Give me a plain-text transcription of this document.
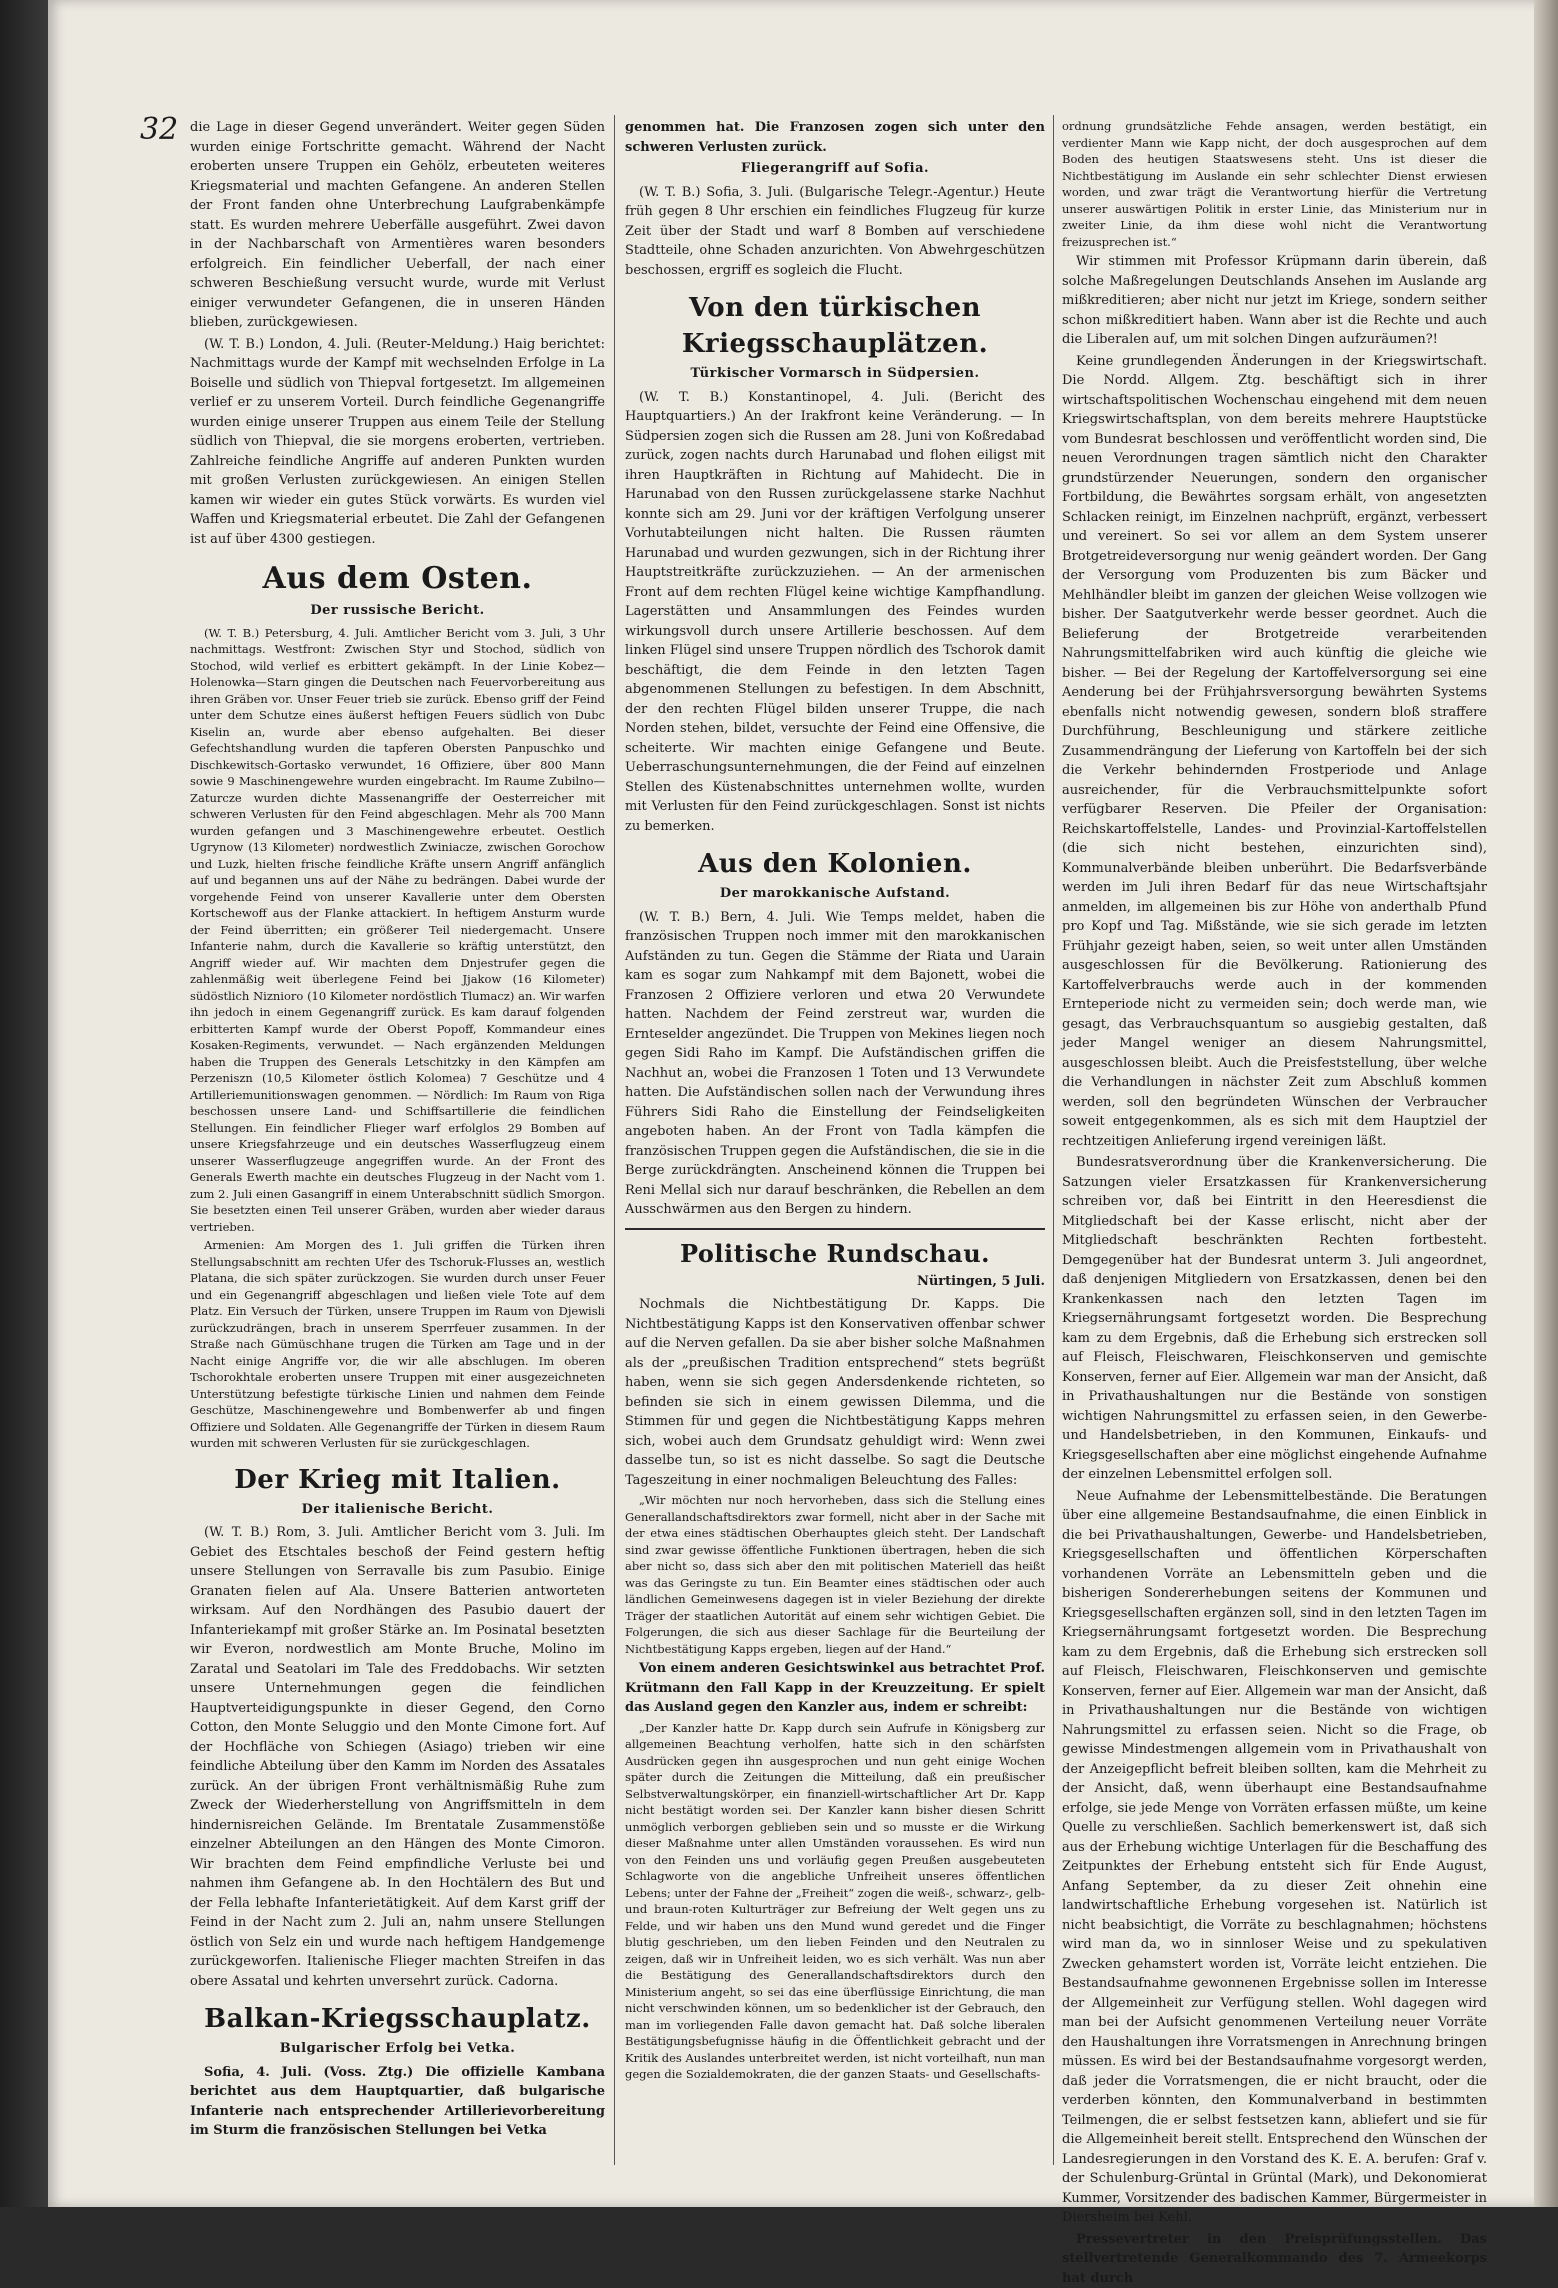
32 die Lage in dieser Gegend unverändert. Weiter gegen Süden wurden einige Fortschritte gemacht. Während der Nacht eroberten unsere Truppen ein Gehölz, erbeuteten weiteres Kriegsmaterial und machten Gefangene. An anderen Stellen der Front fanden ohne Unterbrechung Laufgrabenkämpfe statt. Es wurden mehrere Ueberfälle ausgeführt. Zwei davon in der Nachbarschaft von Armentières waren besonders erfolgreich. Ein feindlicher Ueberfall, der nach einer schweren Beschießung versucht wurde, wurde mit Verlust einiger verwundeter Gefangenen, die in unseren Händen blieben, zurückgewiesen.

(W. T. B.) London, 4. Juli. (Reuter-Meldung.) Haig berichtet: Nachmittags wurde der Kampf mit wechselnden Erfolge in La Boiselle und südlich von Thiepval fortgesetzt. Im allgemeinen verlief er zu unserem Vorteil. Durch feindliche Gegenangriffe wurden einige unserer Truppen aus einem Teile der Stellung südlich von Thiepval, die sie morgens eroberten, vertrieben. Zahlreiche feindliche Angriffe auf anderen Punkten wurden mit großen Verlusten zurückgewiesen. An einigen Stellen kamen wir wieder ein gutes Stück vorwärts. Es wurden viel Waffen und Kriegsmaterial erbeutet. Die Zahl der Gefangenen ist auf über 4300 gestiegen.

Aus dem Osten.
Der russische Bericht.

(W. T. B.) Petersburg, 4. Juli. Amtlicher Bericht vom 3. Juli, 3 Uhr nachmittags. Westfront: Zwischen Styr und Stochod, südlich von Stochod, wild verlief es erbittert gekämpft. In der Linie Kobez—Holenowka—Starn gingen die Deutschen nach Feuervorbereitung aus ihren Gräben vor. Unser Feuer trieb sie zurück. Ebenso griff der Feind unter dem Schutze eines äußerst heftigen Feuers südlich von Dubc Kiselin an, wurde aber ebenso aufgehalten. Bei dieser Gefechtshandlung wurden die tapferen Obersten Panpuschko und Dischkewitsch-Gortasko verwundet, 16 Offiziere, über 800 Mann sowie 9 Maschinengewehre wurden eingebracht. Im Raume Zubilno—Zaturcze wurden dichte Massenangriffe der Oesterreicher mit schweren Verlusten für den Feind abgeschlagen. Mehr als 700 Mann wurden gefangen und 3 Maschinengewehre erbeutet. Oestlich Ugrynow (13 Kilometer) nordwestlich Zwiniacze, zwischen Gorochow und Luzk, hielten frische feindliche Kräfte unsern Angriff anfänglich auf und begannen uns auf der Nähe zu bedrängen. Dabei wurde der vorgehende Feind von unserer Kavallerie unter dem Obersten Kortschewoff aus der Flanke attackiert. In heftigem Ansturm wurde der Feind überritten; ein größerer Teil niedergemacht. Unsere Infanterie nahm, durch die Kavallerie so kräftig unterstützt, den Angriff wieder auf. Wir machten dem Dnjestrufer gegen die zahlenmäßig weit überlegene Feind bei Jjakow (16 Kilometer) südöstlich Niznioro (10 Kilometer nordöstlich Tlumacz) an. Wir warfen ihn jedoch in einem Gegenangriff zurück. Es kam darauf folgenden erbitterten Kampf wurde der Oberst Popoff, Kommandeur eines Kosaken-Regiments, verwundet. — Nach ergänzenden Meldungen haben die Truppen des Generals Letschitzky in den Kämpfen am Perzeniszn (10,5 Kilometer östlich Kolomea) 7 Geschütze und 4 Artilleriemunitionswagen genommen. — Nördlich: Im Raum von Riga beschossen unsere Land- und Schiffsartillerie die feindlichen Stellungen. Ein feindlicher Flieger warf erfolglos 29 Bomben auf unsere Kriegsfahrzeuge und ein deutsches Wasserflugzeug einem unserer Wasserflugzeuge angegriffen wurde. An der Front des Generals Ewerth machte ein deutsches Flugzeug in der Nacht vom 1. zum 2. Juli einen Gasangriff in einem Unterabschnitt südlich Smorgon. Sie besetzten einen Teil unserer Gräben, wurden aber wieder daraus vertrieben.

Armenien: Am Morgen des 1. Juli griffen die Türken ihren Stellungsabschnitt am rechten Ufer des Tschoruk-Flusses an, westlich Platana, die sich später zurückzogen. Sie wurden durch unser Feuer und ein Gegenangriff abgeschlagen und ließen viele Tote auf dem Platz. Ein Versuch der Türken, unsere Truppen im Raum von Djewisli zurückzudrängen, brach in unserem Sperrfeuer zusammen. In der Straße nach Gümüschhane trugen die Türken am Tage und in der Nacht einige Angriffe vor, die wir alle abschlugen. Im oberen Tschorokhtale eroberten unsere Truppen mit einer ausgezeichneten Unterstützung befestigte türkische Linien und nahmen dem Feinde Geschütze, Maschinengewehre und Bombenwerfer ab und fingen Offiziere und Soldaten. Alle Gegenangriffe der Türken in diesem Raum wurden mit schweren Verlusten für sie zurückgeschlagen.

Der Krieg mit Italien.
Der italienische Bericht.

(W. T. B.) Rom, 3. Juli. Amtlicher Bericht vom 3. Juli. Im Gebiet des Etschtales beschoß der Feind gestern heftig unsere Stellungen von Serravalle bis zum Pasubio. Einige Granaten fielen auf Ala. Unsere Batterien antworteten wirksam. Auf den Nordhängen des Pasubio dauert der Infanteriekampf mit großer Stärke an. Im Posinatal besetzten wir Everon, nordwestlich am Monte Bruche, Molino im Zaratal und Seatolari im Tale des Freddobachs. Wir setzten unsere Unternehmungen gegen die feindlichen Hauptverteidigungspunkte in dieser Gegend, den Corno Cotton, den Monte Seluggio und den Monte Cimone fort. Auf der Hochfläche von Schiegen (Asiago) trieben wir eine feindliche Abteilung über den Kamm im Norden des Assatales zurück. An der übrigen Front verhältnismäßig Ruhe zum Zweck der Wiederherstellung von Angriffsmitteln in dem hindernisreichen Gelände. Im Brentatale Zusammenstöße einzelner Abteilungen an den Hängen des Monte Cimoron. Wir brachten dem Feind empfindliche Verluste bei und nahmen ihm Gefangene ab. In den Hochtälern des But und der Fella lebhafte Infanterietätigkeit. Auf dem Karst griff der Feind in der Nacht zum 2. Juli an, nahm unsere Stellungen östlich von Selz ein und wurde nach heftigem Handgemenge zurückgeworfen. Italienische Flieger machten Streifen in das obere Assatal und kehrten unversehrt zurück. Cadorna.

Balkan-Kriegsschauplatz.
Bulgarischer Erfolg bei Vetka.

Sofia, 4. Juli. (Voss. Ztg.) Die offizielle Kambana berichtet aus dem Hauptquartier, daß bulgarische Infanterie nach entsprechender Artillerievorbereitung im Sturm die französischen Stellungen bei Vetka

genommen hat. Die Franzosen zogen sich unter den schweren Verlusten zurück.

Fliegerangriff auf Sofia.

(W. T. B.) Sofia, 3. Juli. (Bulgarische Telegr.-Agentur.) Heute früh gegen 8 Uhr erschien ein feindliches Flugzeug für kurze Zeit über der Stadt und warf 8 Bomben auf verschiedene Stadtteile, ohne Schaden anzurichten. Von Abwehrgeschützen beschossen, ergriff es sogleich die Flucht.

Von den türkischen Kriegsschauplätzen.
Türkischer Vormarsch in Südpersien.

(W. T. B.) Konstantinopel, 4. Juli. (Bericht des Hauptquartiers.) An der Irakfront keine Veränderung. — In Südpersien zogen sich die Russen am 28. Juni von Koßredabad zurück, zogen nachts durch Harunabad und flohen eiligst mit ihren Hauptkräften in Richtung auf Mahidecht. Die in Harunabad von den Russen zurückgelassene starke Nachhut konnte sich am 29. Juni vor der kräftigen Verfolgung unserer Vorhutabteilungen nicht halten. Die Russen räumten Harunabad und wurden gezwungen, sich in der Richtung ihrer Hauptstreitkräfte zurückzuziehen. — An der armenischen Front auf dem rechten Flügel keine wichtige Kampfhandlung. Lagerstätten und Ansammlungen des Feindes wurden wirkungsvoll durch unsere Artillerie beschossen. Auf dem linken Flügel sind unsere Truppen nördlich des Tschorok damit beschäftigt, die dem Feinde in den letzten Tagen abgenommenen Stellungen zu befestigen. In dem Abschnitt, der den rechten Flügel bilden unserer Truppe, die nach Norden stehen, bildet, versuchte der Feind eine Offensive, die scheiterte. Wir machten einige Gefangene und Beute. Ueberraschungsunternehmungen, die der Feind auf einzelnen Stellen des Küstenabschnittes unternehmen wollte, wurden mit Verlusten für den Feind zurückgeschlagen. Sonst ist nichts zu bemerken.

Aus den Kolonien.
Der marokkanische Aufstand.

(W. T. B.) Bern, 4. Juli. Wie Temps meldet, haben die französischen Truppen noch immer mit den marokkanischen Aufständen zu tun. Gegen die Stämme der Riata und Uarain kam es sogar zum Nahkampf mit dem Bajonett, wobei die Franzosen 2 Offiziere verloren und etwa 20 Verwundete hatten. Nachdem der Feind zerstreut war, wurden die Ernteselder angezündet. Die Truppen von Mekines liegen noch gegen Sidi Raho im Kampf. Die Aufständischen griffen die Nachhut an, wobei die Franzosen 1 Toten und 13 Verwundete hatten. Die Aufständischen sollen nach der Verwundung ihres Führers Sidi Raho die Einstellung der Feindseligkeiten angeboten haben. An der Front von Tadla kämpfen die französischen Truppen gegen die Aufständischen, die sie in die Berge zurückdrängten. Anscheinend können die Truppen bei Reni Mellal sich nur darauf beschränken, die Rebellen an dem Ausschwärmen aus den Bergen zu hindern.

Politische Rundschau.
Nürtingen, 5 Juli.

Nochmals die Nichtbestätigung Dr. Kapps. Die Nichtbestätigung Kapps ist den Konservativen offenbar schwer auf die Nerven gefallen. Da sie aber bisher solche Maßnahmen als der „preußischen Tradition entsprechend“ stets begrüßt haben, wenn sie sich gegen Andersdenkende richteten, so befinden sie sich in einem gewissen Dilemma, und die Stimmen für und gegen die Nichtbestätigung Kapps mehren sich, wobei auch dem Grundsatz gehuldigt wird: Wenn zwei dasselbe tun, so ist es nicht dasselbe. So sagt die Deutsche Tageszeitung in einer nochmaligen Beleuchtung des Falles:

„Wir möchten nur noch hervorheben, dass sich die Stellung eines Generallandschaftsdirektors zwar formell, nicht aber in der Sache mit der etwa eines städtischen Oberhauptes gleich steht. Der Landschaft sind zwar gewisse öffentliche Funktionen übertragen, heben die sich aber nicht so, dass sich aber den mit politischen Materiell das heißt was das Geringste zu tun. Ein Beamter eines städtischen oder auch ländlichen Gemeinwesens dagegen ist in vieler Beziehung der direkte Träger der staatlichen Autorität auf einem sehr wichtigen Gebiet. Die Folgerungen, die sich aus dieser Sachlage für die Beurteilung der Nichtbestätigung Kapps ergeben, liegen auf der Hand.“

Von einem anderen Gesichtswinkel aus betrachtet Prof. Krütmann den Fall Kapp in der Kreuzzeitung. Er spielt das Ausland gegen den Kanzler aus, indem er schreibt:

„Der Kanzler hatte Dr. Kapp durch sein Aufrufe in Königsberg zur allgemeinen Beachtung verholfen, hatte sich in den schärfsten Ausdrücken gegen ihn ausgesprochen und nun geht einige Wochen später durch die Zeitungen die Mitteilung, daß ein preußischer Selbstverwaltungskörper, ein finanziell-wirtschaftlicher Art Dr. Kapp nicht bestätigt worden sei. Der Kanzler kann bisher diesen Schritt unmöglich verborgen geblieben sein und so musste er die Wirkung dieser Maßnahme unter allen Umständen voraussehen. Es wird nun von den Feinden uns und vorläufig gegen Preußen ausgebeuteten Schlagworte von die angebliche Unfreiheit unseres öffentlichen Lebens; unter der Fahne der „Freiheit“ zogen die weiß-, schwarz-, gelb- und braun-roten Kulturträger zur Befreiung der Welt gegen uns zu Felde, und wir haben uns den Mund wund geredet und die Finger blutig geschrieben, um den lieben Feinden und den Neutralen zu zeigen, daß wir in Unfreiheit leiden, wo es sich verhält. Was nun aber die Bestätigung des Generallandschaftsdirektors durch den Ministerium angeht, so sei das eine überflüssige Einrichtung, die man nicht verschwinden können, um so bedenklicher ist der Gebrauch, den man im vorliegenden Falle davon gemacht hat. Daß solche liberalen Bestätigungsbefugnisse häufig in die Öffentlichkeit gebracht und der Kritik des Auslandes unterbreitet werden, ist nicht vorteilhaft, nun man gegen die Sozialdemokraten, die der ganzen Staats- und Gesellschafts-

ordnung grundsätzliche Fehde ansagen, werden bestätigt, ein verdienter Mann wie Kapp nicht, der doch ausgesprochen auf dem Boden des heutigen Staatswesens steht. Uns ist dieser die Nichtbestätigung im Auslande ein sehr schlechter Dienst erwiesen worden, und zwar trägt die Verantwortung hierfür die Vertretung unserer auswärtigen Politik in erster Linie, das Ministerium nur in zweiter Linie, da ihm diese wohl nicht die Verantwortung freizusprechen ist.“

Wir stimmen mit Professor Krüpmann darin überein, daß solche Maßregelungen Deutschlands Ansehen im Auslande arg mißkreditieren; aber nicht nur jetzt im Kriege, sondern seither schon mißkreditiert haben. Wann aber ist die Rechte und auch die Liberalen auf, um mit solchen Dingen aufzuräumen?!

Keine grundlegenden Änderungen in der Kriegswirtschaft. Die Nordd. Allgem. Ztg. beschäftigt sich in ihrer wirtschaftspolitischen Wochenschau eingehend mit dem neuen Kriegswirtschaftsplan, von dem bereits mehrere Hauptstücke vom Bundesrat beschlossen und veröffentlicht worden sind, Die neuen Verordnungen tragen sämtlich nicht den Charakter grundstürzender Neuerungen, sondern den organischer Fortbildung, die Bewährtes sorgsam erhält, von angesetzten Schlacken reinigt, im Einzelnen nachprüft, ergänzt, verbessert und vereinert. So sei vor allem an dem System unserer Brotgetreideversorgung nur wenig geändert worden. Der Gang der Versorgung vom Produzenten bis zum Bäcker und Mehlhändler bleibt im ganzen der gleichen Weise vollzogen wie bisher. Der Saatgutverkehr werde besser geordnet. Auch die Belieferung der Brotgetreide verarbeitenden Nahrungsmittelfabriken wird auch künftig die gleiche wie bisher. — Bei der Regelung der Kartoffelversorgung sei eine Aenderung bei der Frühjahrsversorgung bewährten Systems ebenfalls nicht notwendig gewesen, sondern bloß straffere Durchführung, Beschleunigung und stärkere zeitliche Zusammendrängung der Lieferung von Kartoffeln bei der sich die Verkehr behindernden Frostperiode und Anlage ausreichender, für die Verbrauchsmittelpunkte sofort verfügbarer Reserven. Die Pfeiler der Organisation: Reichskartoffelstelle, Landes- und Provinzial-Kartoffelstellen (die sich nicht bestehen, einzurichten sind), Kommunalverbände bleiben unberührt. Die Bedarfsverbände werden im Juli ihren Bedarf für das neue Wirtschaftsjahr anmelden, im allgemeinen bis zur Höhe von anderthalb Pfund pro Kopf und Tag. Mißstände, wie sie sich gerade im letzten Frühjahr gezeigt haben, seien, so weit unter allen Umständen ausgeschlossen für die Bevölkerung. Rationierung des Kartoffelverbrauchs werde auch in der kommenden Ernteperiode nicht zu vermeiden sein; doch werde man, wie gesagt, das Verbrauchsquantum so ausgiebig gestalten, daß jeder Mangel weniger an diesem Nahrungsmittel, ausgeschlossen bleibt. Auch die Preisfeststellung, über welche die Verhandlungen in nächster Zeit zum Abschluß kommen werden, soll den begründeten Wünschen der Verbraucher soweit entgegenkommen, als es sich mit dem Hauptziel der rechtzeitigen Anlieferung irgend vereinigen läßt.

Bundesratsverordnung über die Krankenversicherung. Die Satzungen vieler Ersatzkassen für Krankenversicherung schreiben vor, daß bei Eintritt in den Heeresdienst die Mitgliedschaft bei der Kasse erlischt, nicht aber der Mitgliedschaft beschränkten Rechten fortbesteht. Demgegenüber hat der Bundesrat unterm 3. Juli angeordnet, daß denjenigen Mitgliedern von Ersatzkassen, denen bei den Krankenkassen nach den letzten Tagen im Kriegsernährungsamt fortgesetzt worden. Die Besprechung kam zu dem Ergebnis, daß die Erhebung sich erstrecken soll auf Fleisch, Fleischwaren, Fleischkonserven und gemischte Konserven, ferner auf Eier. Allgemein war man der Ansicht, daß in Privathaushaltungen nur die Bestände von sonstigen wichtigen Nahrungsmittel zu erfassen seien, in den Gewerbe- und Handelsbetrieben, in den Kommunen, Einkaufs- und Kriegsgesellschaften aber eine möglichst eingehende Aufnahme der einzelnen Lebensmittel erfolgen soll.

Neue Aufnahme der Lebensmittelbestände. Die Beratungen über eine allgemeine Bestandsaufnahme, die einen Einblick in die bei Privathaushaltungen, Gewerbe- und Handelsbetrieben, Kriegsgesellschaften und öffentlichen Körperschaften vorhandenen Vorräte an Lebensmitteln geben und die bisherigen Sondererhebungen seitens der Kommunen und Kriegsgesellschaften ergänzen soll, sind in den letzten Tagen im Kriegsernährungsamt fortgesetzt worden. Die Besprechung kam zu dem Ergebnis, daß die Erhebung sich erstrecken soll auf Fleisch, Fleischwaren, Fleischkonserven und gemischte Konserven, ferner auf Eier. Allgemein war man der Ansicht, daß in Privathaushaltungen nur die Bestände von wichtigen Nahrungsmittel zu erfassen seien. Nicht so die Frage, ob gewisse Mindestmengen allgemein vom in Privathaushalt von der Anzeigepflicht befreit bleiben sollten, kam die Mehrheit zu der Ansicht, daß, wenn überhaupt eine Bestandsaufnahme erfolge, sie jede Menge von Vorräten erfassen müßte, um keine Quelle zu verschließen. Sachlich bemerkenswert ist, daß sich aus der Erhebung wichtige Unterlagen für die Beschaffung des Zeitpunktes der Erhebung entsteht sich für Ende August, Anfang September, da zu dieser Zeit ohnehin eine landwirtschaftliche Erhebung vorgesehen ist. Natürlich ist nicht beabsichtigt, die Vorräte zu beschlagnahmen; höchstens wird man da, wo in sinnloser Weise und zu spekulativen Zwecken gehamstert worden ist, Vorräte leicht entziehen. Die Bestandsaufnahme gewonnenen Ergebnisse sollen im Interesse der Allgemeinheit zur Verfügung stellen. Wohl dagegen wird man bei der Aufsicht genommenen Verteilung neuer Vorräte den Haushaltungen ihre Vorratsmengen in Anrechnung bringen müssen. Es wird bei der Bestandsaufnahme vorgesorgt werden, daß jeder die Vorratsmengen, die er nicht braucht, oder die verderben könnten, den Kommunalverband in bestimmten Teilmengen, die er selbst festsetzen kann, abliefert und sie für die Allgemeinheit bereit stellt. Entsprechend den Wünschen der Landesregierungen in den Vorstand des K. E. A. berufen: Graf v. der Schulenburg-Grüntal in Grüntal (Mark), und Dekonomierat Kummer, Vorsitzender des badischen Kammer, Bürgermeister in Diersheim bei Kehl.

Pressevertreter in den Preisprüfungsstellen. Das stellvertretende Generalkommando des 7. Armeekorps hat durch
